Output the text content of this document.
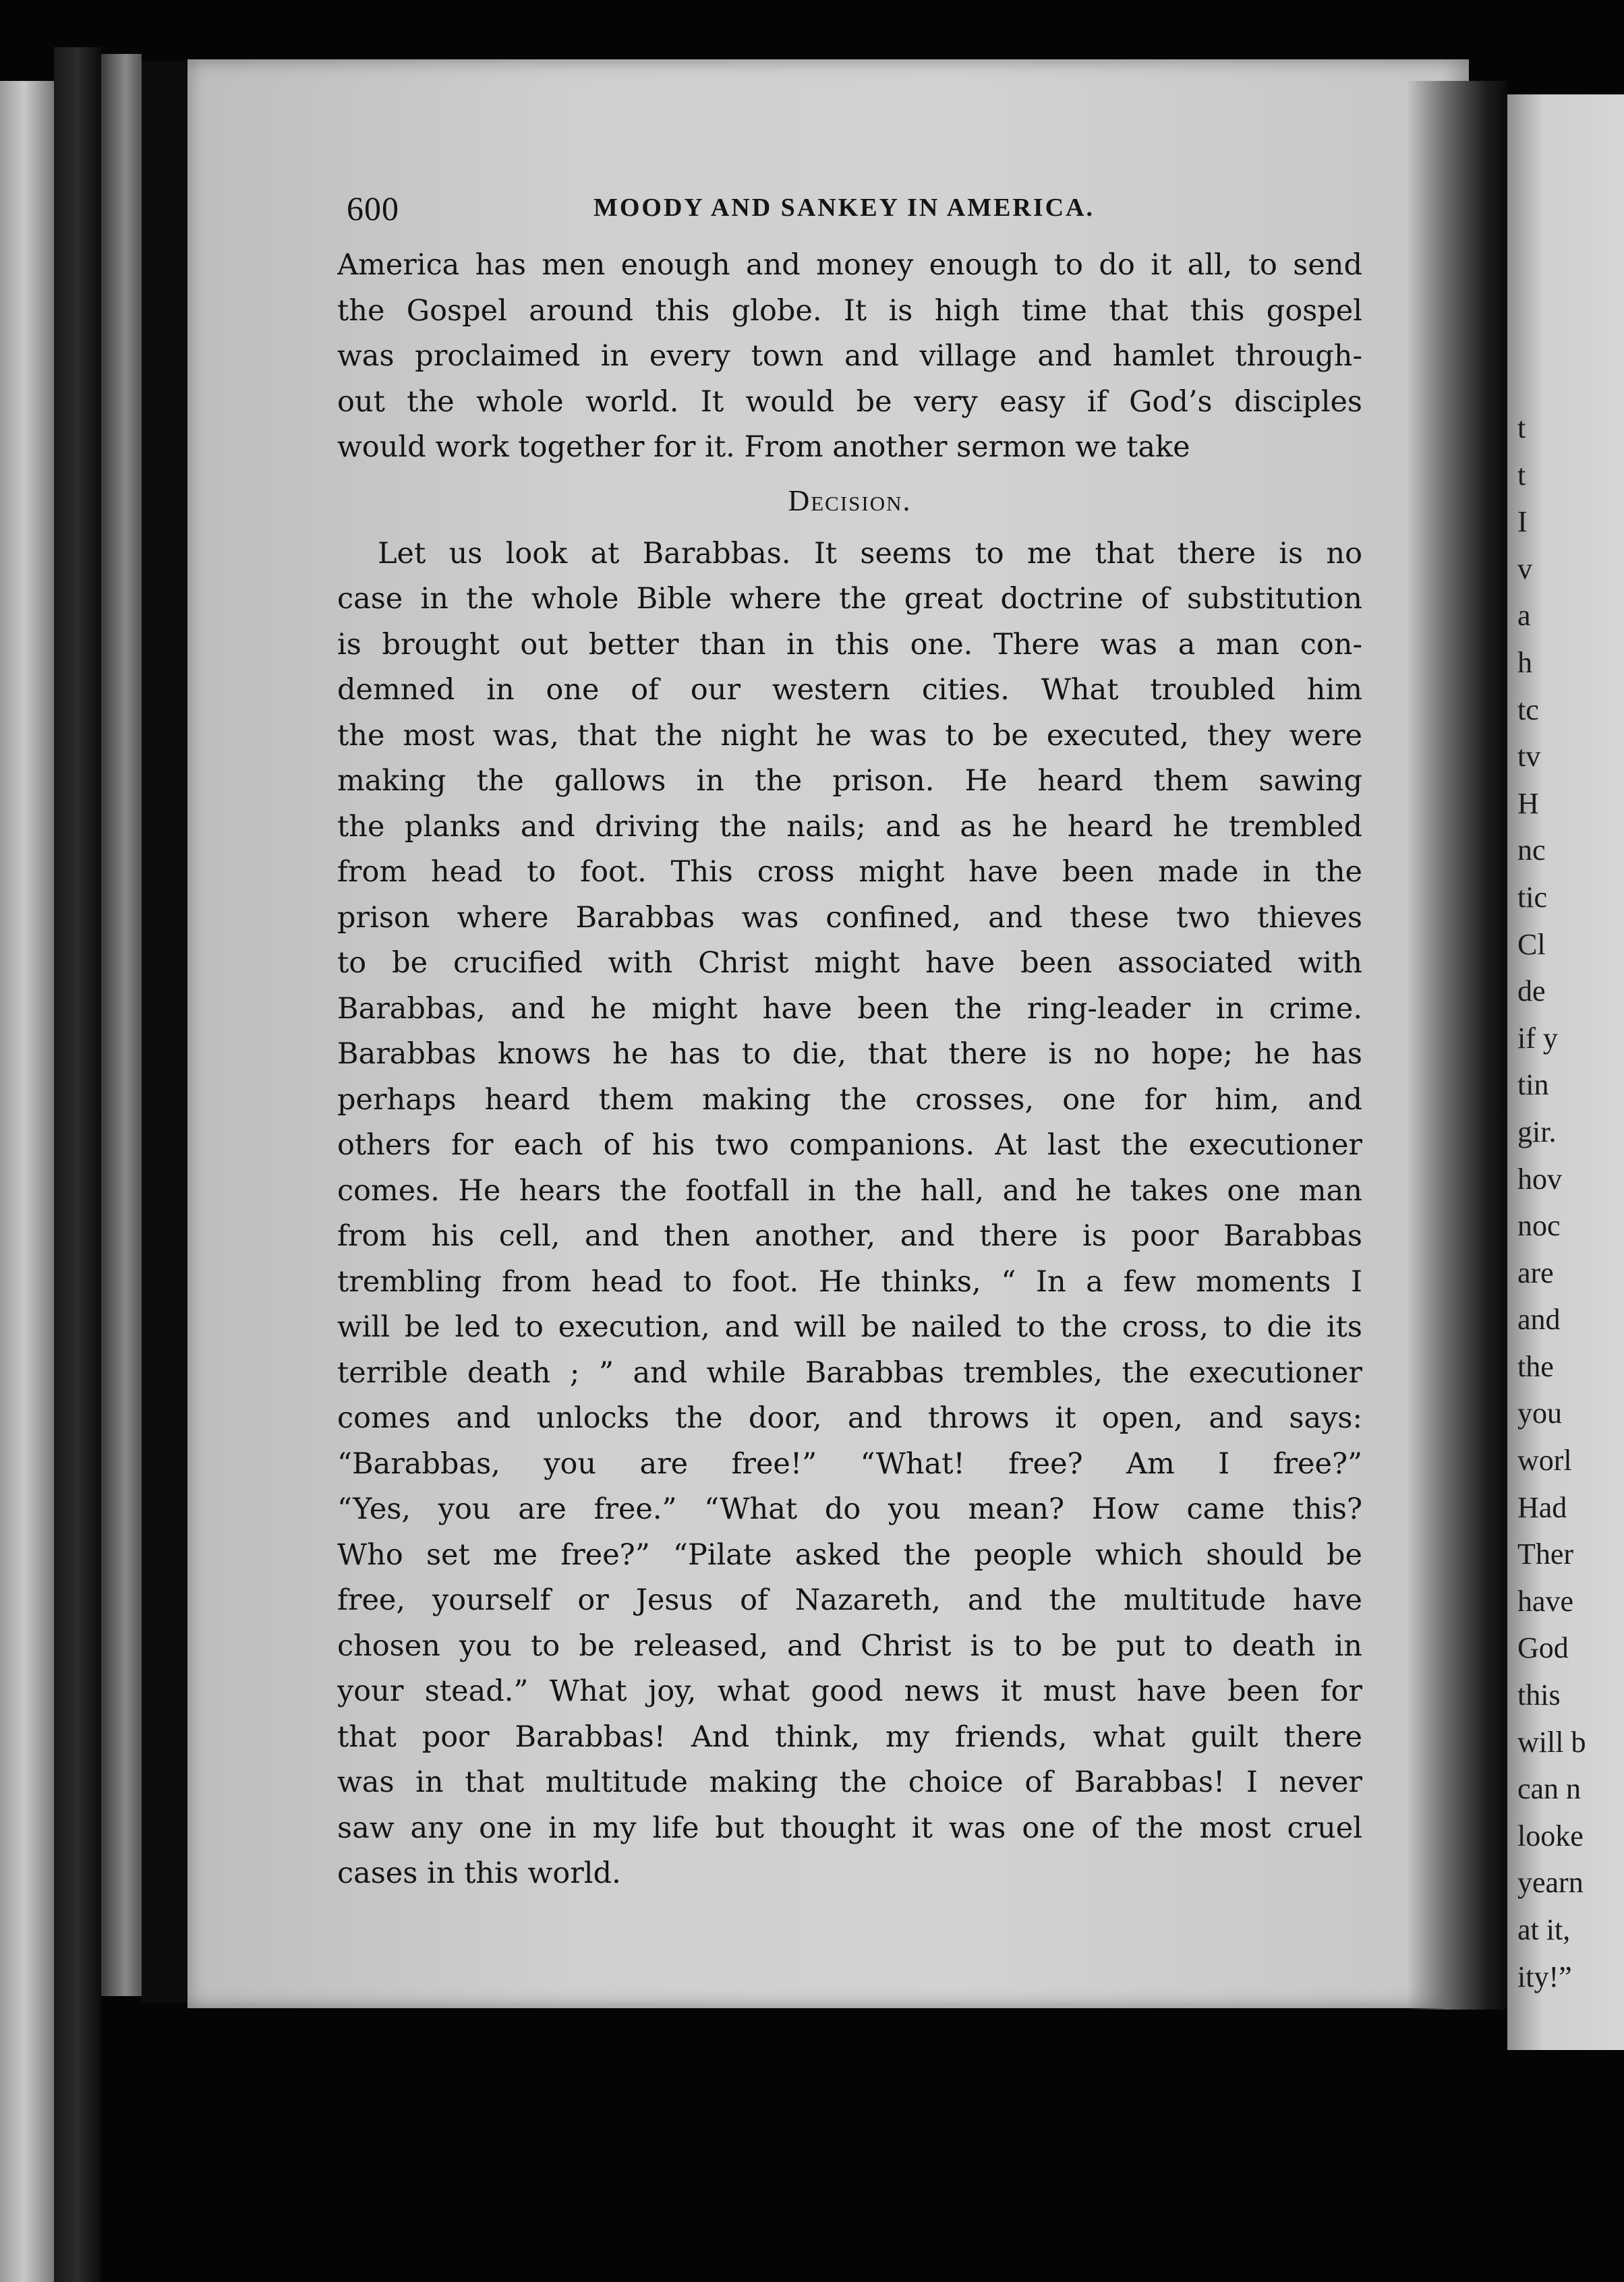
t
t
I
v
a
h
tc
tv
H
nc
tic
Cl
de
if y
tin
gir.
hov
noc
are
and
the
you
worl
Had
Ther
have
God
this
will b
can n
looke
yearn
at it,
ity!”
600	MOODY AND SANKEY IN AMERICA.
America has men enough and money enough to do it all, to send
the Gospel around this globe. It is high time that this gospel
was proclaimed in every town and village and hamlet through-
out the whole world. It would be very easy if God’s disciples
would work together for it. From another sermon we take
Decision.
Let us look at Barabbas. It seems to me that there is no
case in the whole Bible where the great doctrine of substitution
is brought out better than in this one. There was a man con-
demned in one of our western cities. What troubled him
the most was, that the night he was to be executed, they were
making the gallows in the prison. He heard them sawing
the planks and driving the nails; and as he heard he trembled
from head to foot. This cross might have been made in the
prison where Barabbas was confined, and these two thieves
to be crucified with Christ might have been associated with
Barabbas, and he might have been the ring-leader in crime.
Barabbas knows he has to die, that there is no hope; he has
perhaps heard them making the crosses, one for him, and
others for each of his two companions. At last the executioner
comes. He hears the footfall in the hall, and he takes one man
from his cell, and then another, and there is poor Barabbas
trembling from head to foot. He thinks, “ In a few moments I
will be led to execution, and will be nailed to the cross, to die its
terrible death ; ” and while Barabbas trembles, the executioner
comes and unlocks the door, and throws it open, and says:
“Barabbas, you are free!” “What! free? Am I free?”
“Yes, you are free.” “What do you mean? How came this?
Who set me free?” “Pilate asked the people which should be
free, yourself or Jesus of Nazareth, and the multitude have
chosen you to be released, and Christ is to be put to death in
your stead.” What joy, what good news it must have been for
that poor Barabbas! And think, my friends, what guilt there
was in that multitude making the choice of Barabbas! I never
saw any one in my life but thought it was one of the most cruel
cases in this world.
